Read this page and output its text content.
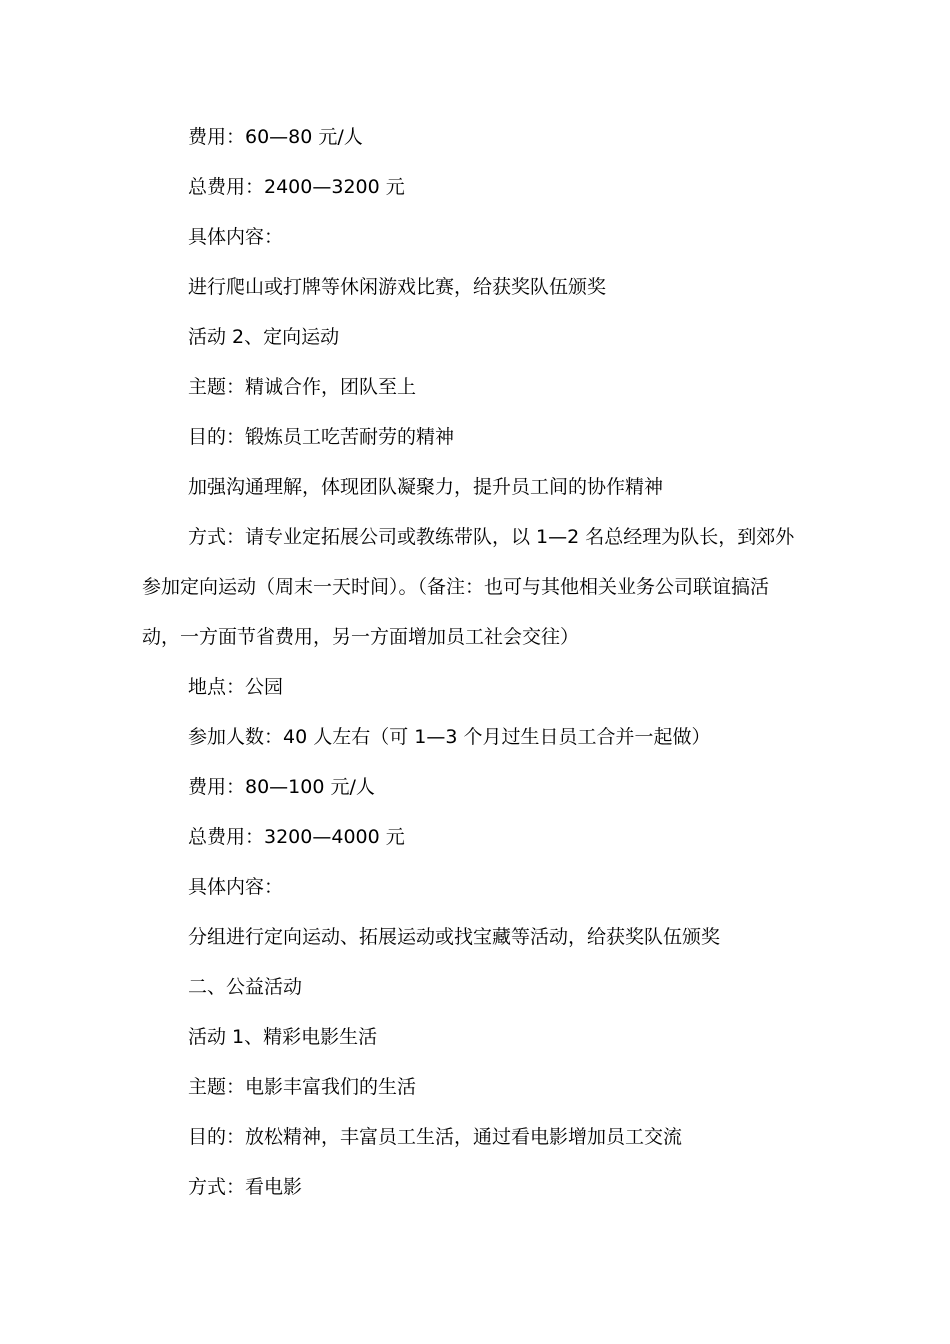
费用：60—80 元/人

总费用：2400—3200 元

具体内容：

进行爬山或打牌等休闲游戏比赛，给获奖队伍颁奖

活动 2、定向运动

主题：精诚合作，团队至上

目的：锻炼员工吃苦耐劳的精神

加强沟通理解，体现团队凝聚力，提升员工间的协作精神

方式：请专业定拓展公司或教练带队，以 1—2 名总经理为队长，到郊外参加定向运动（周末一天时间）。（备注：也可与其他相关业务公司联谊搞活动，一方面节省费用，另一方面增加员工社会交往）

地点：公园

参加人数：40 人左右（可 1—3 个月过生日员工合并一起做）

费用：80—100 元/人

总费用：3200—4000 元

具体内容：

分组进行定向运动、拓展运动或找宝藏等活动，给获奖队伍颁奖

二、公益活动

活动 1、精彩电影生活

主题：电影丰富我们的生活

目的：放松精神，丰富员工生活，通过看电影增加员工交流

方式：看电影
